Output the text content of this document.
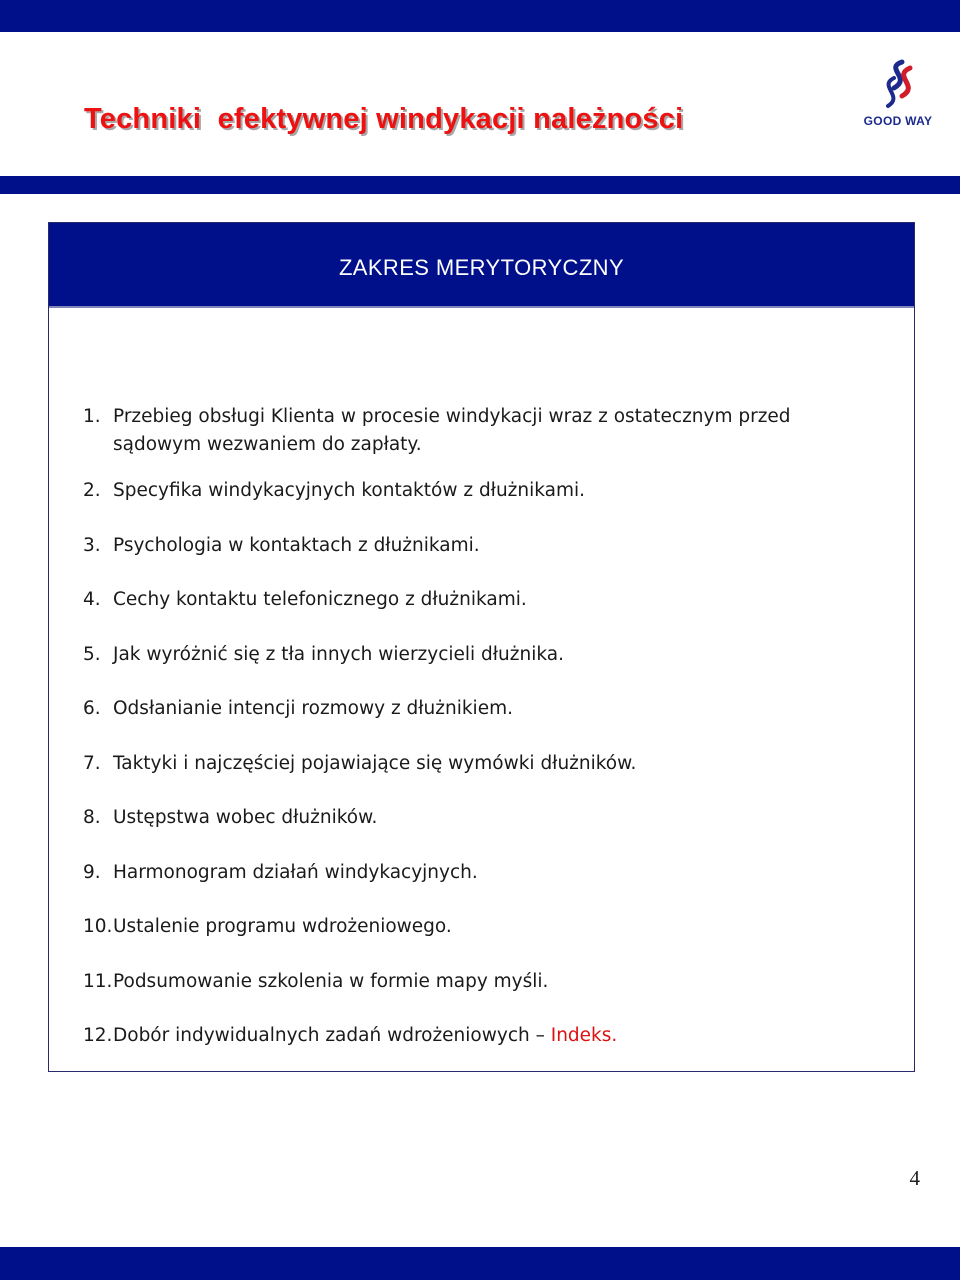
Techniki  efektywnej windykacji należności	GOOD WAY
ZAKRES MERYTORYCZNY
1. Przebieg obsługi Klienta w procesie windykacji wraz z ostatecznym przed sądowym wezwaniem do zapłaty.
2. Specyfika windykacyjnych kontaktów z dłużnikami.
3. Psychologia w kontaktach z dłużnikami.
4. Cechy kontaktu telefonicznego z dłużnikami.
5. Jak wyróżnić się z tła innych wierzycieli dłużnika.
6. Odsłanianie intencji rozmowy z dłużnikiem.
7. Taktyki i najczęściej pojawiające się wymówki dłużników.
8. Ustępstwa wobec dłużników.
9. Harmonogram działań windykacyjnych.
10. Ustalenie programu wdrożeniowego.
11. Podsumowanie szkolenia w formie mapy myśli.
12. Dobór indywidualnych zadań wdrożeniowych – Indeks.
4
